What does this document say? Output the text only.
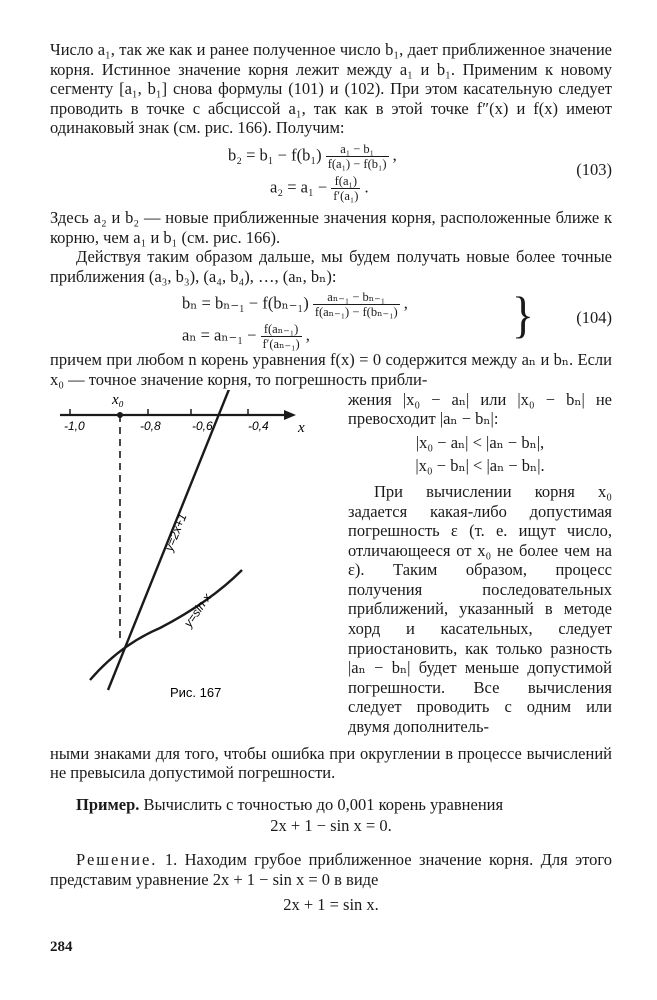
Число a₁, так же как и ранее полученное число b₁, дает приближенное значение корня. Истинное значение корня лежит между a₁ и b₁. Применим к новому сегменту [a₁, b₁] снова формулы (101) и (102). При этом касательную следует проводить в точке с абсциссой a₁, так как в этой точке f″(x) и f(x) имеют одинаковый знак (см. рис. 166). Получим:

$b_2 = b_1 - f(b_1) \frac{\text{a₁ − b₁}}{\text{f(a₁) − f(b₁)}}$ ,
$a_2 = a_1 - \frac{\text{f(a₁)}}{\text{f′(a₁)}}$ .
(103)

Здесь a₂ и b₂ — новые приближенные значения корня, расположенные ближе к корню, чем a₁ и b₁ (см. рис. 166).

Действуя таким образом дальше, мы будем получать новые более точные приближения (a₃, b₃), (a₄, b₄), …, (aₙ, bₙ):

$b_n = b_{n-1} - f(b_{n-1}) \frac{\text{aₙ₋₁ − bₙ₋₁}}{\text{f(aₙ₋₁) − f(bₙ₋₁)}}$ ,
$a_n = a_{n-1} - \frac{\text{f(aₙ₋₁)}}{\text{f′(aₙ₋₁)}}$ ,	}	(104)

причем при любом n корень уравнения f(x) = 0 содержится между aₙ и bₙ. Если x₀ — точное значение корня, то погрешность прибли-

x
-1,0	-0,8	-0,6	-0,4
x₀
y=2x+1
y=sin x
Рис. 167

жения |x₀ − aₙ| или |x₀ − bₙ| не превосходит |aₙ − bₙ|:

|x₀ − aₙ| < |aₙ − bₙ|,
|x₀ − bₙ| < |aₙ − bₙ|.

При вычислении корня x₀ задается какая-либо допустимая погрешность ε (т. е. ищут число, отличающееся от x₀ не более чем на ε). Таким образом, процесс получения последовательных приближений, указанный в методе хорд и касательных, следует приостановить, как только разность |aₙ − bₙ| будет меньше допустимой погрешности. Все вычисления следует проводить с одним или двумя дополнитель-

ными знаками для того, чтобы ошибка при округлении в процессе вычислений не превысила допустимой погрешности.

Пример. Вычислить с точностью до 0,001 корень уравнения

2x + 1 − sin x = 0.

Решение. 1. Находим грубое приближенное значение корня. Для этого представим уравнение 2x + 1 − sin x = 0 в виде

2x + 1 = sin x.
284
